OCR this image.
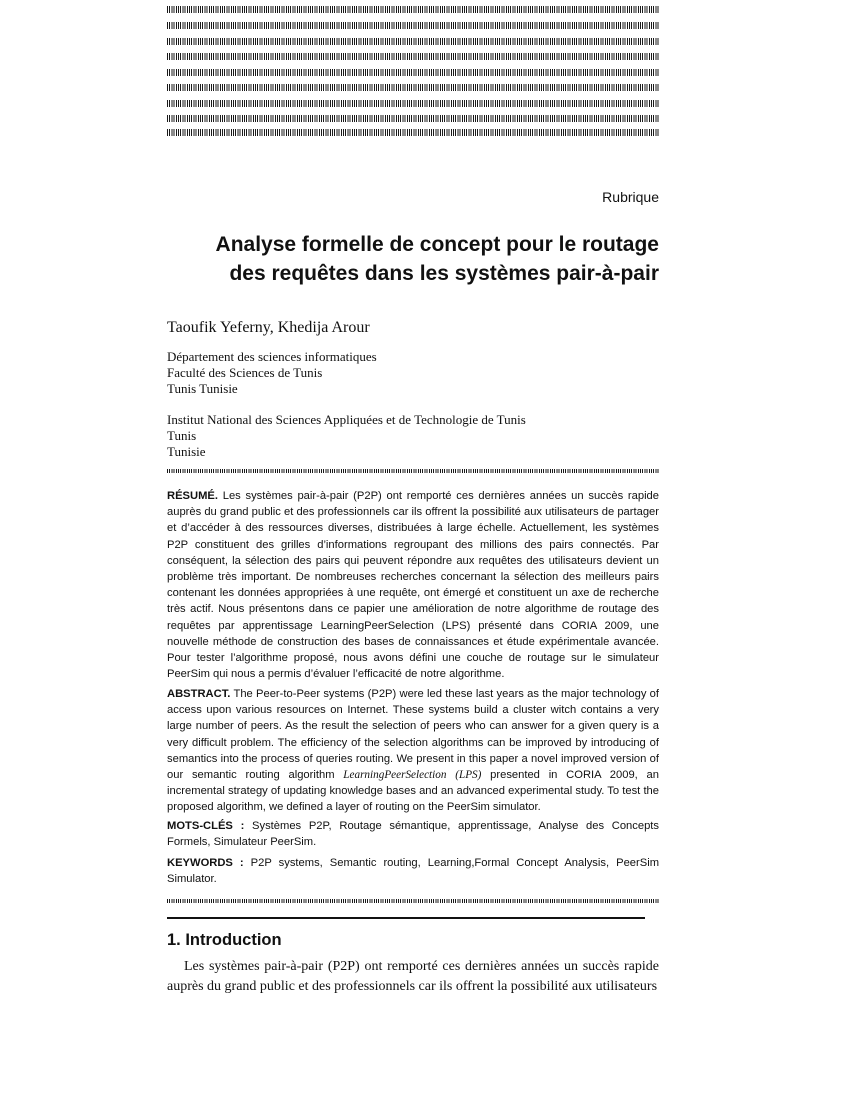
Rubrique
Analyse formelle de concept pour le routage
des requêtes dans les systèmes pair-à-pair
Taoufik Yeferny, Khedija Arour
Département des sciences informatiques
Faculté des Sciences de Tunis
Tunis Tunisie
Institut National des Sciences Appliquées et de Technologie de Tunis
Tunis
Tunisie
RÉSUMÉ. Les systèmes pair-à-pair (P2P) ont remporté ces dernières années un succès rapide auprès du grand public et des professionnels car ils offrent la possibilité aux utilisateurs de partager et d’accéder à des ressources diverses, distribuées à large échelle. Actuellement, les systèmes P2P constituent des grilles d’informations regroupant des millions des pairs connectés. Par conséquent, la sélection des pairs qui peuvent répondre aux requêtes des utilisateurs devient un problème très important. De nombreuses recherches concernant la sélection des meilleurs pairs contenant les données appropriées à une requête, ont émergé et constituent un axe de recherche très actif. Nous présentons dans ce papier une amélioration de notre algorithme de routage des requêtes par apprentissage LearningPeerSelection (LPS) présenté dans CORIA 2009, une nouvelle méthode de construction des bases de connaissances et étude expérimentale avancée. Pour tester l’algorithme proposé, nous avons défini une couche de routage sur le simulateur PeerSim qui nous a permis d’évaluer l’efficacité de notre algorithme.
ABSTRACT. The Peer-to-Peer systems (P2P) were led these last years as the major technology of access upon various resources on Internet. These systems build a cluster witch contains a very large number of peers. As the result the selection of peers who can answer for a given query is a very difficult problem. The efficiency of the selection algorithms can be improved by introducing of semantics into the process of queries routing. We present in this paper a novel improved version of our semantic routing algorithm LearningPeerSelection (LPS) presented in CORIA 2009, an incremental strategy of updating knowledge bases and an advanced experimental study. To test the proposed algorithm, we defined a layer of routing on the PeerSim simulator.
MOTS-CLÉS : Systèmes P2P, Routage sémantique, apprentissage, Analyse des Concepts Formels, Simulateur PeerSim.
KEYWORDS : P2P systems, Semantic routing, Learning,Formal Concept Analysis, PeerSim Simulator.
1. Introduction
Les systèmes pair-à-pair (P2P) ont remporté ces dernières années un succès rapide auprès du grand public et des professionnels car ils offrent la possibilité aux utilisateurs
